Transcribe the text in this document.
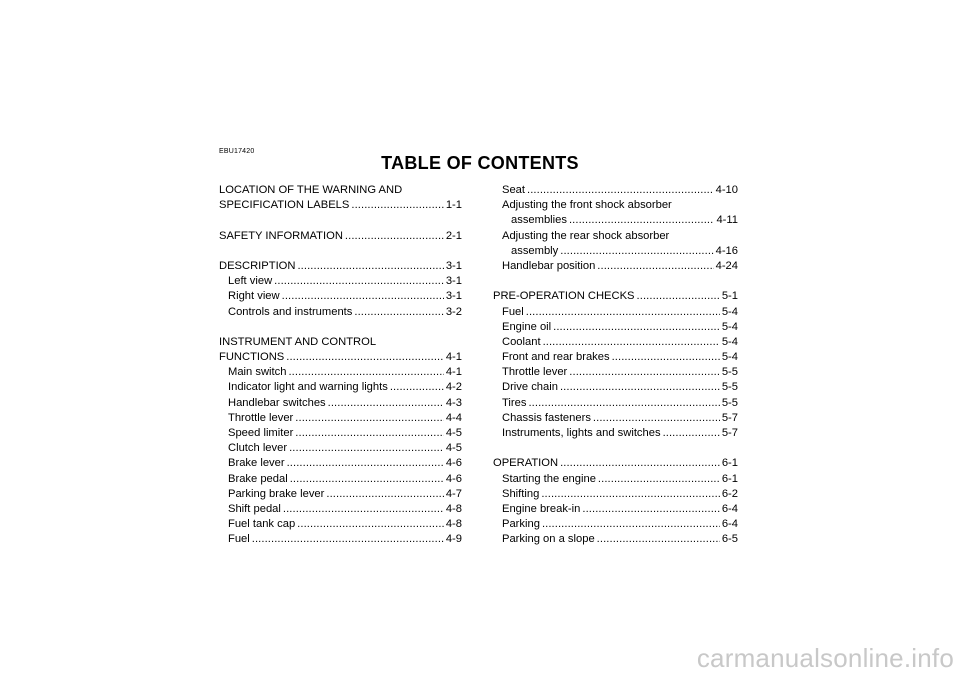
EBU17420
TABLE OF CONTENTS
LOCATION OF THE WARNING AND
SPECIFICATION LABELS .....	1-1
SAFETY INFORMATION .....	2-1
DESCRIPTION .....	3-1
Left view .....	3-1
Right view .....	3-1
Controls and instruments .....	3-2
INSTRUMENT AND CONTROL
FUNCTIONS .....	4-1
Main switch .....	4-1
Indicator light and warning lights .....	4-2
Handlebar switches .....	4-3
Throttle lever .....	4-4
Speed limiter .....	4-5
Clutch lever .....	4-5
Brake lever .....	4-6
Brake pedal .....	4-6
Parking brake lever .....	4-7
Shift pedal .....	4-8
Fuel tank cap .....	4-8
Fuel .....	4-9
Seat .....	4-10
Adjusting the front shock absorber
assemblies .....	4-11
Adjusting the rear shock absorber
assembly .....	4-16
Handlebar position .....	4-24
PRE-OPERATION CHECKS .....	5-1
Fuel .....	5-4
Engine oil .....	5-4
Coolant .....	5-4
Front and rear brakes .....	5-4
Throttle lever .....	5-5
Drive chain .....	5-5
Tires .....	5-5
Chassis fasteners .....	5-7
Instruments, lights and switches .....	5-7
OPERATION .....	6-1
Starting the engine .....	6-1
Shifting .....	6-2
Engine break-in .....	6-4
Parking .....	6-4
Parking on a slope .....	6-5
carmanualsonline.info
